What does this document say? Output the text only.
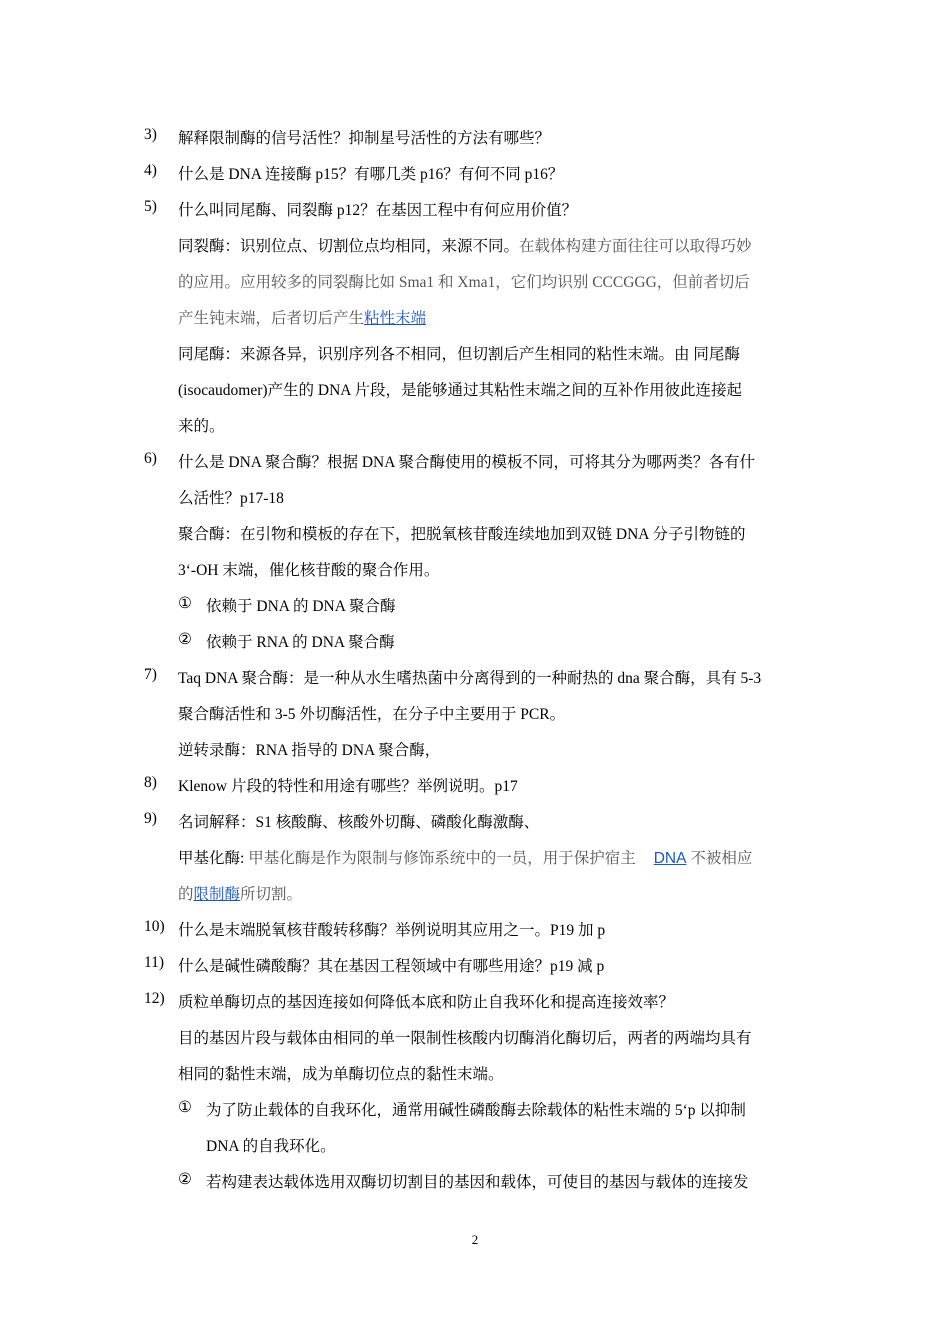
3) 解释限制酶的信号活性？抑制星号活性的方法有哪些？
4) 什么是 DNA 连接酶 p15？有哪几类 p16？有何不同 p16？
5) 什么叫同尾酶、同裂酶 p12？在基因工程中有何应用价值？
同裂酶：识别位点、切割位点均相同，来源不同。在载体构建方面往往可以取得巧妙
的应用。应用较多的同裂酶比如 Sma1 和 Xma1，它们均识别 CCCGGG，但前者切后
产生钝末端，后者切后产生粘性末端
同尾酶：来源各异，识别序列各不相同，但切割后产生相同的粘性末端。由 同尾酶
(isocaudomer)产生的 DNA 片段，是能够通过其粘性末端之间的互补作用彼此连接起
来的。
6) 什么是 DNA 聚合酶？根据 DNA 聚合酶使用的模板不同，可将其分为哪两类？各有什
么活性？p17-18
聚合酶：在引物和模板的存在下，把脱氧核苷酸连续地加到双链 DNA 分子引物链的
3‘-OH 末端，催化核苷酸的聚合作用。
① 依赖于 DNA 的 DNA 聚合酶
② 依赖于 RNA 的 DNA 聚合酶
7) Taq DNA 聚合酶：是一种从水生嗜热菌中分离得到的一种耐热的 dna 聚合酶，具有 5-3
聚合酶活性和 3-5 外切酶活性，在分子中主要用于 PCR。
逆转录酶：RNA 指导的 DNA 聚合酶，
8) Klenow 片段的特性和用途有哪些？举例说明。p17
9) 名词解释：S1 核酸酶、核酸外切酶、磷酸化酶激酶、
甲基化酶: 甲基化酶是作为限制与修饰系统中的一员，用于保护宿主 DNA 不被相应
的限制酶所切割。
10) 什么是末端脱氧核苷酸转移酶？举例说明其应用之一。P19 加 p
11) 什么是碱性磷酸酶？其在基因工程领域中有哪些用途？p19 减 p
12) 质粒单酶切点的基因连接如何降低本底和防止自我环化和提高连接效率？
目的基因片段与载体由相同的单一限制性核酸内切酶消化酶切后，两者的两端均具有
相同的黏性末端，成为单酶切位点的黏性末端。
① 为了防止载体的自我环化，通常用碱性磷酸酶去除载体的粘性末端的 5‘p 以抑制
DNA 的自我环化。
② 若构建表达载体选用双酶切切割目的基因和载体，可使目的基因与载体的连接发
2
